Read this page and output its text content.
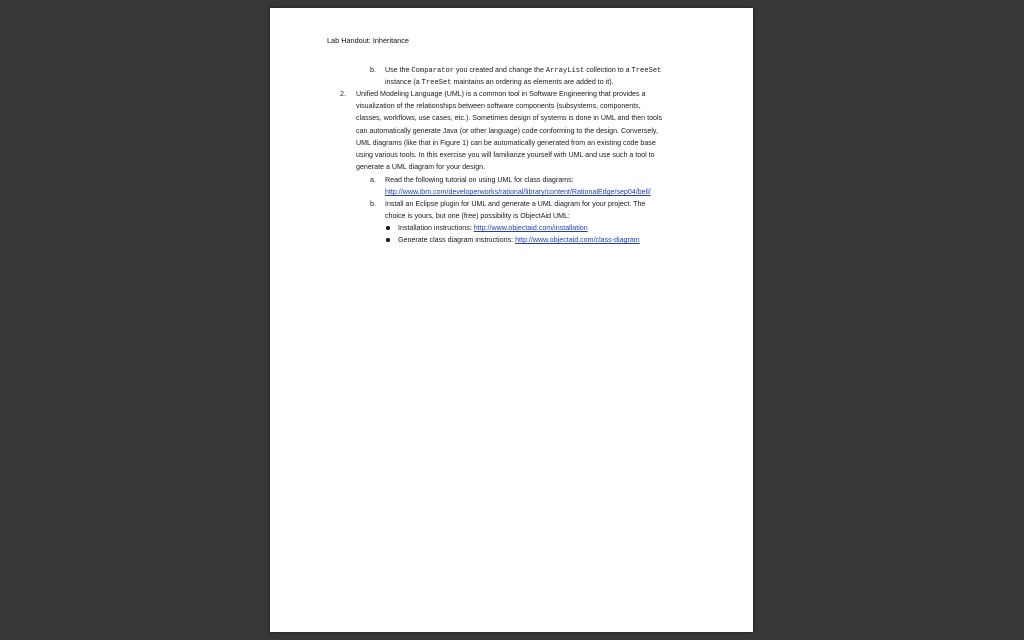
Lab Handout: Inheritance
b.	Use the Comparator you created and change the ArrayList collection to a TreeSet
instance (a TreeSet maintains an ordering as elements are added to it).
2.	Unified Modeling Language (UML) is a common tool in Software Engineering that provides a
visualization of the relationships between software components (subsystems, components,
classes, workflows, use cases, etc.). Sometimes design of systems is done in UML and then tools
can automatically generate Java (or other language) code conforming to the design. Conversely,
UML diagrams (like that in Figure 1) can be automatically generated from an existing code base
using various tools. In this exercise you will familiarize yourself with UML and use such a tool to
generate a UML diagram for your design.
a.	Read the following tutorial on using UML for class diagrams:
http://www.ibm.com/developerworks/rational/library/content/RationalEdge/sep04/bell/
b.	Install an Eclipse plugin for UML and generate a UML diagram for your project. The
choice is yours, but one (free) possibility is ObjectAid UML:
Installation instructions: http://www.objectaid.com/installation
Generate class diagram instructions: http://www.objectaid.com/class-diagram
